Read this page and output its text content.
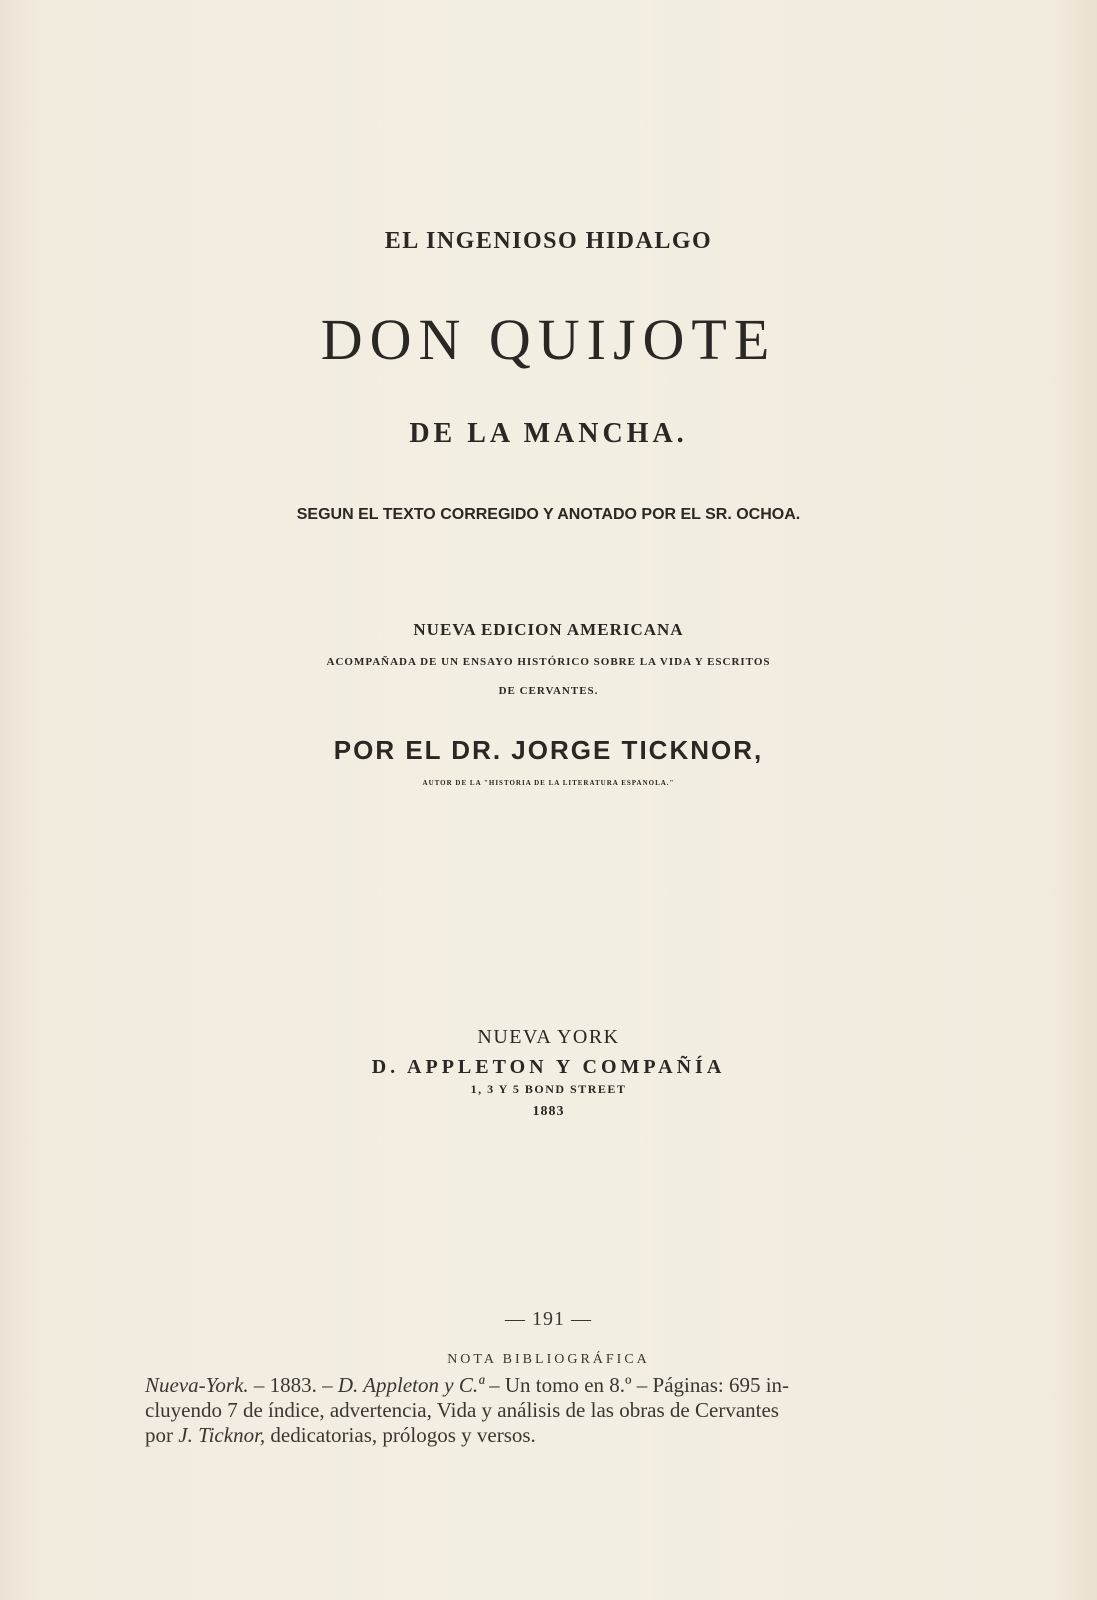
EL INGENIOSO HIDALGO
DON QUIJOTE
DE LA MANCHA.
SEGUN EL TEXTO CORREGIDO Y ANOTADO POR EL SR. OCHOA.
NUEVA EDICION AMERICANA
ACOMPAÑADA DE UN ENSAYO HISTÓRICO SOBRE LA VIDA Y ESCRITOS
DE CERVANTES.
POR EL DR. JORGE TICKNOR,
AUTOR DE LA "HISTORIA DE LA LITERATURA ESPANOLA."
NUEVA YORK
D. APPLETON Y COMPAÑÍA
1, 3 Y 5 BOND STREET
1883
— 191 —
NOTA BIBLIOGRÁFICA

Nueva-York. – 1883. – D. Appleton y C.ª – Un tomo en 8.º – Páginas: 695 in-

cluyendo 7 de índice, advertencia, Vida y análisis de las obras de Cervantes

por J. Ticknor, dedicatorias, prólogos y versos.
